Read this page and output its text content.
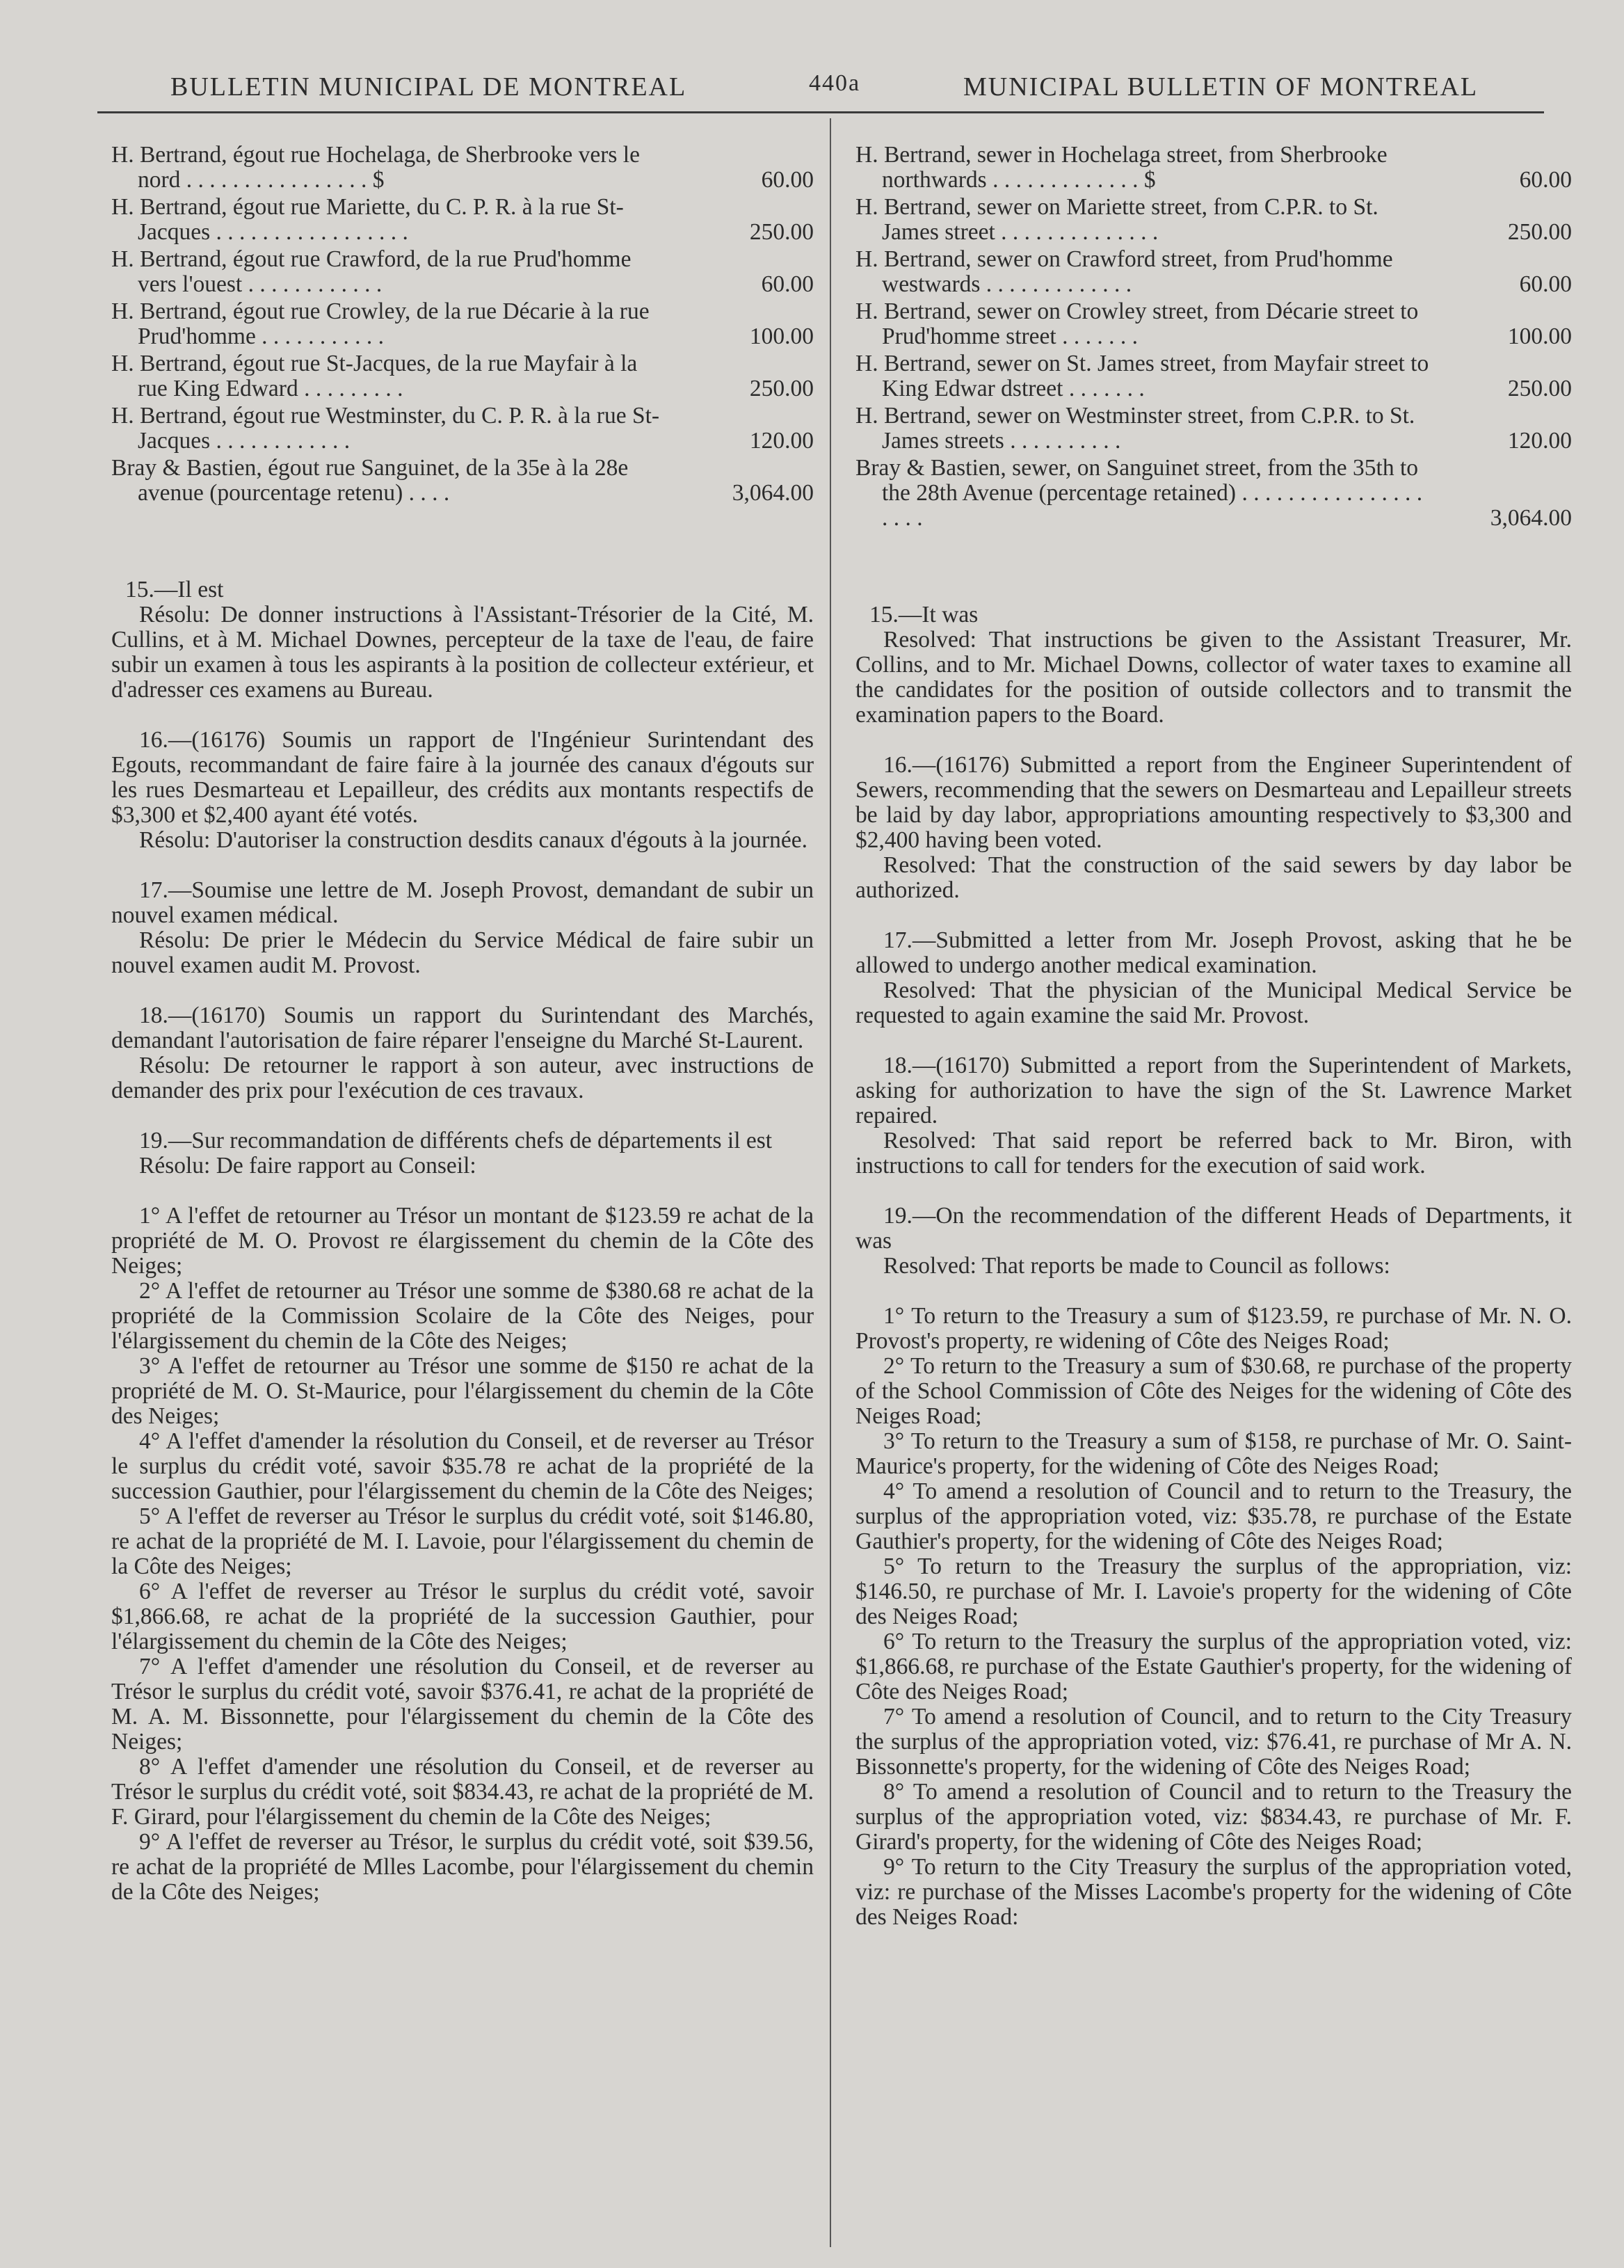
BULLETIN MUNICIPAL DE MONTREAL	440a	MUNICIPAL BULLETIN OF MONTREAL
H. Bertrand, égout rue Hochelaga, de Sherbrooke vers le nord . . . . . . . . . . . . . . . . $	60.00
H. Bertrand, égout rue Mariette, du C. P. R. à la rue St-Jacques . . . . . . . . . . . . . . . . .	250.00
H. Bertrand, égout rue Crawford, de la rue Prud'homme vers l'ouest . . . . . . . . . . . .	60.00
H. Bertrand, égout rue Crowley, de la rue Décarie à la rue Prud'homme . . . . . . . . . . .	100.00
H. Bertrand, égout rue St-Jacques, de la rue Mayfair à la rue King Edward . . . . . . . . .	250.00
H. Bertrand, égout rue Westminster, du C. P. R. à la rue St-Jacques . . . . . . . . . . . .	120.00
Bray & Bastien, égout rue Sanguinet, de la 35e à la 28e avenue (pourcentage retenu) . . . .	3,064.00

15.—Il est

Résolu: De donner instructions à l'Assistant-Trésorier de la Cité, M. Cullins, et à M. Michael Downes, percepteur de la taxe de l'eau, de faire subir un examen à tous les aspirants à la position de collecteur extérieur, et d'adresser ces examens au Bureau.

16.—(16176) Soumis un rapport de l'Ingénieur Surintendant des Egouts, recommandant de faire faire à la journée des canaux d'égouts sur les rues Desmarteau et Lepailleur, des crédits aux montants respectifs de $3,300 et $2,400 ayant été votés.

Résolu: D'autoriser la construction desdits canaux d'égouts à la journée.

17.—Soumise une lettre de M. Joseph Provost, demandant de subir un nouvel examen médical.

Résolu: De prier le Médecin du Service Médical de faire subir un nouvel examen audit M. Provost.

18.—(16170) Soumis un rapport du Surintendant des Marchés, demandant l'autorisation de faire réparer l'enseigne du Marché St-Laurent.

Résolu: De retourner le rapport à son auteur, avec instructions de demander des prix pour l'exécution de ces travaux.

19.—Sur recommandation de différents chefs de départements il est

Résolu: De faire rapport au Conseil:

1° A l'effet de retourner au Trésor un montant de $123.59 re achat de la propriété de M. O. Provost re élargissement du chemin de la Côte des Neiges;

2° A l'effet de retourner au Trésor une somme de $380.68 re achat de la propriété de la Commission Scolaire de la Côte des Neiges, pour l'élargissement du chemin de la Côte des Neiges;

3° A l'effet de retourner au Trésor une somme de $150 re achat de la propriété de M. O. St-Maurice, pour l'élargissement du chemin de la Côte des Neiges;

4° A l'effet d'amender la résolution du Conseil, et de reverser au Trésor le surplus du crédit voté, savoir $35.78 re achat de la propriété de la succession Gauthier, pour l'élargissement du chemin de la Côte des Neiges;

5° A l'effet de reverser au Trésor le surplus du crédit voté, soit $146.80, re achat de la propriété de M. I. Lavoie, pour l'élargissement du chemin de la Côte des Neiges;

6° A l'effet de reverser au Trésor le surplus du crédit voté, savoir $1,866.68, re achat de la propriété de la succession Gauthier, pour l'élargissement du chemin de la Côte des Neiges;

7° A l'effet d'amender une résolution du Conseil, et de reverser au Trésor le surplus du crédit voté, savoir $376.41, re achat de la propriété de M. A. M. Bissonnette, pour l'élargissement du chemin de la Côte des Neiges;

8° A l'effet d'amender une résolution du Conseil, et de reverser au Trésor le surplus du crédit voté, soit $834.43, re achat de la propriété de M. F. Girard, pour l'élargissement du chemin de la Côte des Neiges;

9° A l'effet de reverser au Trésor, le surplus du crédit voté, soit $39.56, re achat de la propriété de Mlles Lacombe, pour l'élargissement du chemin de la Côte des Neiges;

H. Bertrand, sewer in Hochelaga street, from Sherbrooke northwards . . . . . . . . . . . . . $	60.00
H. Bertrand, sewer on Mariette street, from C.P.R. to St. James street . . . . . . . . . . . . . .	250.00
H. Bertrand, sewer on Crawford street, from Prud'homme westwards . . . . . . . . . . . . .	60.00
H. Bertrand, sewer on Crowley street, from Décarie street to Prud'homme street . . . . . . .	100.00
H. Bertrand, sewer on St. James street, from Mayfair street to King Edwar dstreet . . . . . . .	250.00
H. Bertrand, sewer on Westminster street, from C.P.R. to St. James streets . . . . . . . . . .	120.00
Bray & Bastien, sewer, on Sanguinet street, from the 35th to the 28th Avenue (percentage retained) . . . . . . . . . . . . . . . . . . . .	3,064.00

15.—It was

Resolved: That instructions be given to the Assistant Treasurer, Mr. Collins, and to Mr. Michael Downs, collector of water taxes to examine all the candidates for the position of outside collectors and to transmit the examination papers to the Board.

16.—(16176) Submitted a report from the Engineer Superintendent of Sewers, recommending that the sewers on Desmarteau and Lepailleur streets be laid by day labor, appropriations amounting respectively to $3,300 and $2,400 having been voted.

Resolved: That the construction of the said sewers by day labor be authorized.

17.—Submitted a letter from Mr. Joseph Provost, asking that he be allowed to undergo another medical examination.

Resolved: That the physician of the Municipal Medical Service be requested to again examine the said Mr. Provost.

18.—(16170) Submitted a report from the Superintendent of Markets, asking for authorization to have the sign of the St. Lawrence Market repaired.

Resolved: That said report be referred back to Mr. Biron, with instructions to call for tenders for the execution of said work.

19.—On the recommendation of the different Heads of Departments, it was

Resolved: That reports be made to Council as follows:

1° To return to the Treasury a sum of $123.59, re purchase of Mr. N. O. Provost's property, re widening of Côte des Neiges Road;

2° To return to the Treasury a sum of $30.68, re purchase of the property of the School Commission of Côte des Neiges for the widening of Côte des Neiges Road;

3° To return to the Treasury a sum of $158, re purchase of Mr. O. Saint-Maurice's property, for the widening of Côte des Neiges Road;

4° To amend a resolution of Council and to return to the Treasury, the surplus of the appropriation voted, viz: $35.78, re purchase of the Estate Gauthier's property, for the widening of Côte des Neiges Road;

5° To return to the Treasury the surplus of the appropriation, viz: $146.50, re purchase of Mr. I. Lavoie's property for the widening of Côte des Neiges Road;

6° To return to the Treasury the surplus of the appropriation voted, viz: $1,866.68, re purchase of the Estate Gauthier's property, for the widening of Côte des Neiges Road;

7° To amend a resolution of Council, and to return to the City Treasury the surplus of the appropriation voted, viz: $76.41, re purchase of Mr A. N. Bissonnette's property, for the widening of Côte des Neiges Road;

8° To amend a resolution of Council and to return to the Treasury the surplus of the appropriation voted, viz: $834.43, re purchase of Mr. F. Girard's property, for the widening of Côte des Neiges Road;

9° To return to the City Treasury the surplus of the appropriation voted, viz: re purchase of the Misses Lacombe's property for the widening of Côte des Neiges Road:
